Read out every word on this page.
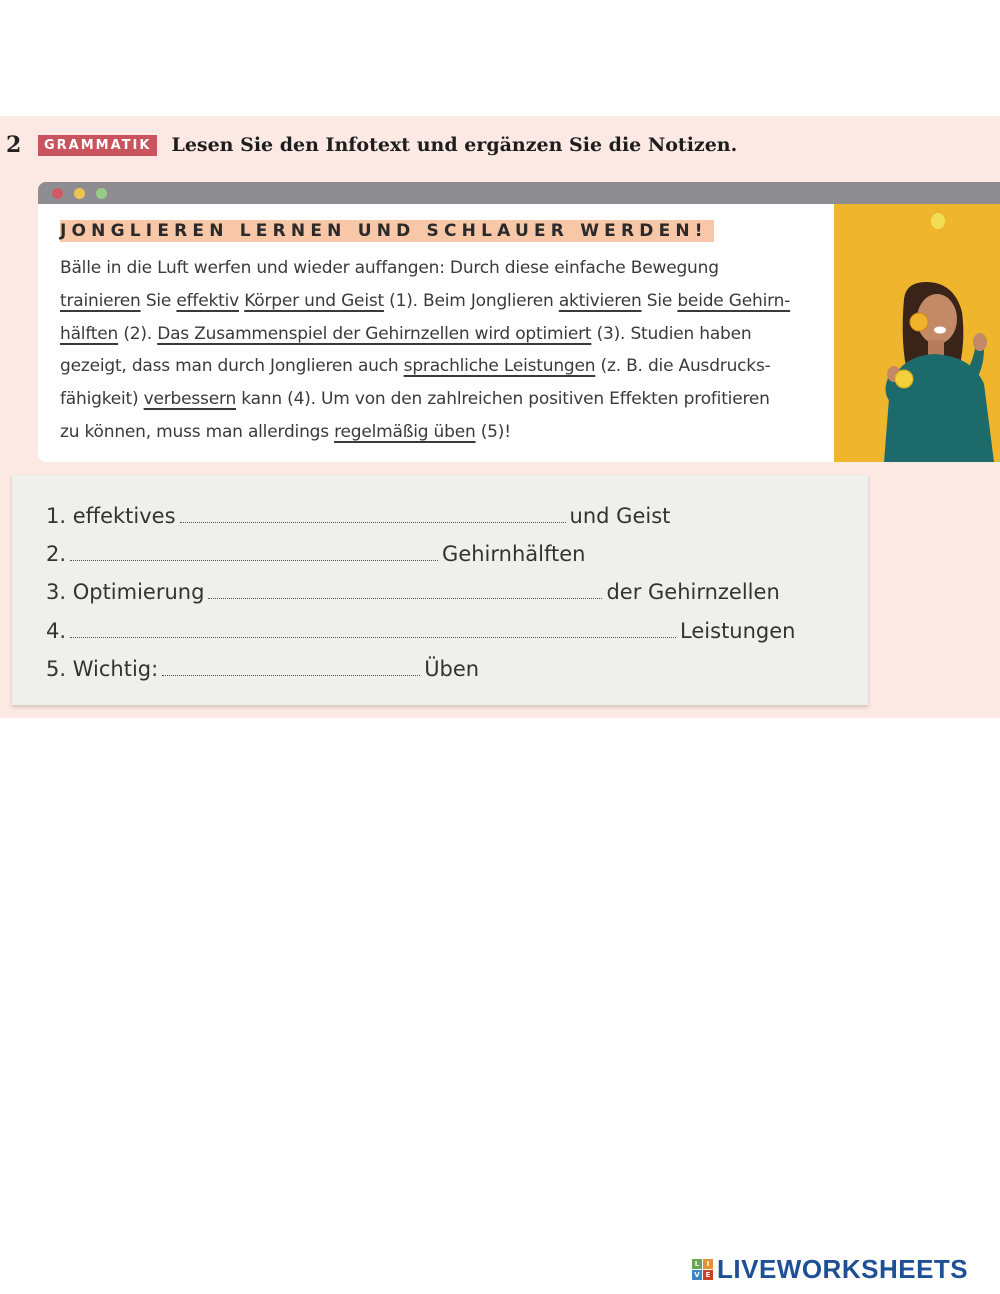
2	GRAMMATIK	Lesen Sie den Infotext und ergänzen Sie die Notizen.
JONGLIEREN LERNEN UND SCHLAUER WERDEN!
Bälle in die Luft werfen und wieder auffangen: Durch diese einfache Bewegung
trainieren Sie effektiv Körper und Geist (1). Beim Jonglieren aktivieren Sie beide Gehirn-
hälften (2). Das Zusammenspiel der Gehirnzellen wird optimiert (3). Studien haben
gezeigt, dass man durch Jonglieren auch sprachliche Leistungen (z. B. die Ausdrucks-
fähigkeit) verbessern kann (4). Um von den zahlreichen positiven Effekten profitieren
zu können, muss man allerdings regelmäßig üben (5)!
1. effektives	und Geist
2.	Gehirnhälften
3. Optimierung	der Gehirnzellen
4.	Leistungen
5. Wichtig:	Üben
L	I
V E LIVEWORKSHEETS
